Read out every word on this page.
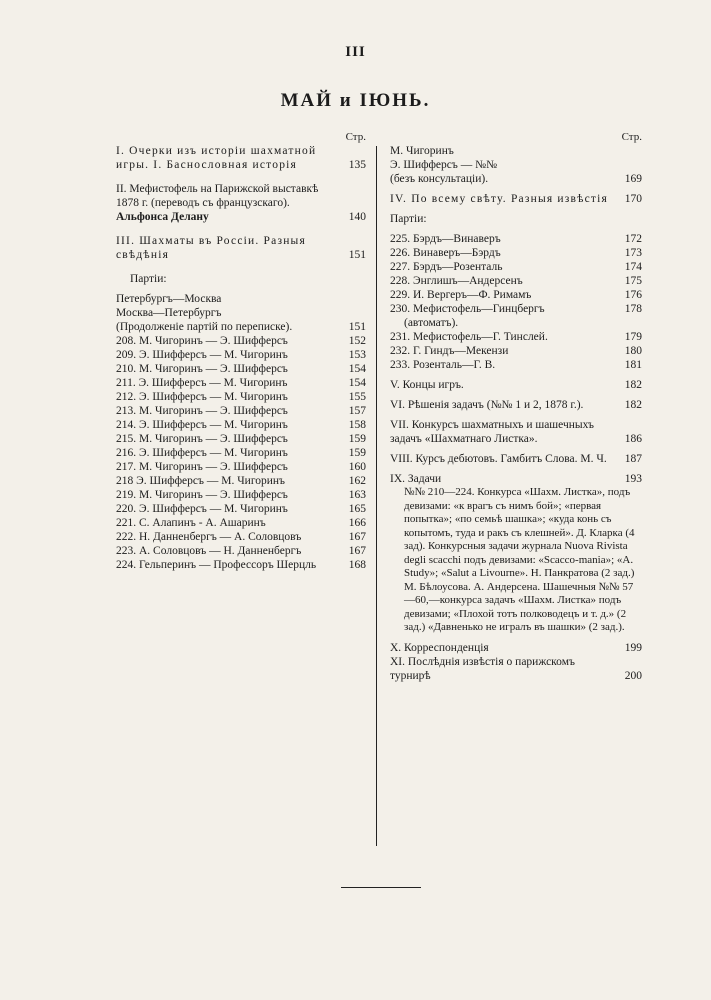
III
МАЙ и IЮНЬ.
Стр.
I. Очерки изъ исторіи шахматной игры. I. Баснословная исторія	135
II. Мефистофель на Парижской выставкѣ 1878 г. (переводъ съ французскаго). Альфонса Делану	140
III. Шахматы въ Россiи. Разныя свѣдѣнія	151
Партіи:
Петербургъ—Москва
Москва—Петербургъ
(Продолженіе партій по переписке).	151
208. М. Чигоринъ — Э. Шифферсъ	152
209. Э. Шифферсъ — М. Чигоринъ	153
210. М. Чигоринъ — Э. Шифферсъ	154
211. Э. Шифферсъ — М. Чигоринъ	154
212. Э. Шифферсъ — М. Чигоринъ	155
213. М. Чигоринъ — Э. Шифферсъ	157
214. Э. Шифферсъ — М. Чигоринъ	158
215. М. Чигоринъ — Э. Шифферсъ	159
216. Э. Шифферсъ — М. Чигоринъ	159
217. М. Чигоринъ — Э. Шифферсъ	160
218 Э. Шифферсъ — М. Чигоринъ	162
219. М. Чигоринъ — Э. Шифферсъ	163
220. Э. Шифферсъ — М. Чигоринъ	165
221. С. Алапинъ - А. Ашаринъ	166
222. Н. Данненбергъ — А. Соловцовъ	167
223. А. Соловцовъ — Н. Данненбергъ	167
224. Гельперинъ — Профессоръ Шерцль	168
Стр.
М. Чигоринъ
Э. Шифферсъ — №№
(безъ консультацiи).	169
IV. По всему свѣту. Разныя извѣстія	170
Партіи:
225. Бэрдъ—Винаверъ	172
226. Винаверъ—Бэрдъ	173
227. Бэрдъ—Розенталь	174
228. Энглишъ—Андерсенъ	175
229. И. Вергеръ—Ф. Римамъ	176
230. Мефистофель—Гинцбергъ	178
(автоматъ).
231. Мефистофель—Г. Тинслей.	179
232. Г. Гиндъ—Мекензи	180
233. Розенталь—Г. В.	181
V. Концы игръ.	182
VI. Рѣшенія задачъ (№№ 1 и 2, 1878 г.).	182
VII. Конкурсъ шахматныхъ и шашечныхъ задачъ «Шахматнаго Листка».	186
VIII. Курсъ дебютовъ. Гамбитъ Слова. М. Ч.	187
IX. Задачи	193
№№ 210—224. Конкурса «Шахм. Листка», подъ девизами: «к врагъ съ нимъ бой»; «первая попытка»; «по семьѣ шашка»; «куда конь съ копытомъ, туда и ракъ съ клешней». Д. Кларка (4 зад). Конкурсныя задачи журнала Nuova Rivista degli scacchi подъ девизами: «Scacco-mania»; «А. Study»; «Salut a Livourne». Н. Панкратова (2 зад.) М. Бѣлоусова. А. Андерсена. Шашечныя №№ 57—60,—конкурса задачъ «Шахм. Листка» подъ девизами; «Плохой тотъ полководецъ и т. д.» (2 зад.) «Давненько не игралъ въ шашки» (2 зад.).
X. Корреспонденція	199
XI. Послѣднія извѣстія о парижскомъ турнирѣ	200
